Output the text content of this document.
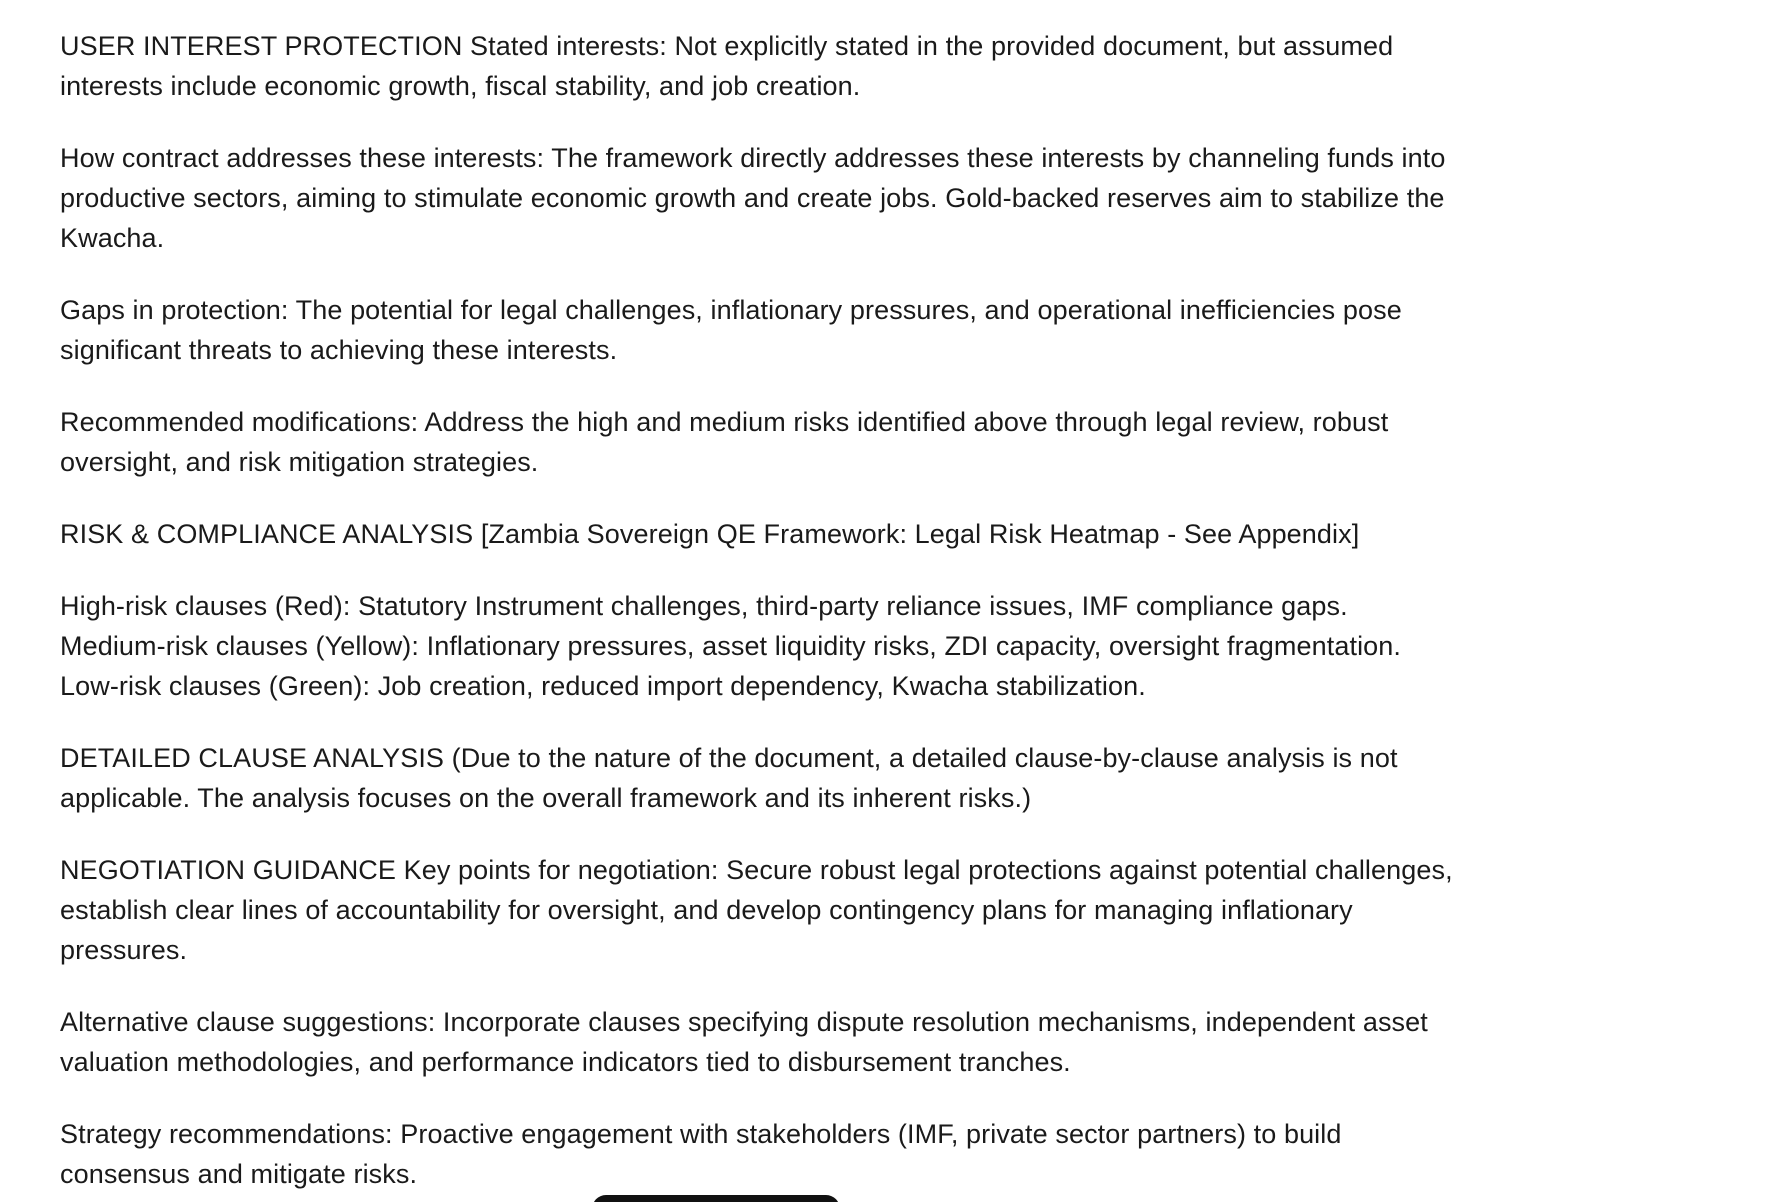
USER INTEREST PROTECTION Stated interests: Not explicitly stated in the provided document, but assumed interests include economic growth, fiscal stability, and job creation.

How contract addresses these interests: The framework directly addresses these interests by channeling funds into productive sectors, aiming to stimulate economic growth and create jobs. Gold-backed reserves aim to stabilize the Kwacha.

Gaps in protection: The potential for legal challenges, inflationary pressures, and operational inefficiencies pose significant threats to achieving these interests.

Recommended modifications: Address the high and medium risks identified above through legal review, robust oversight, and risk mitigation strategies.

RISK & COMPLIANCE ANALYSIS [Zambia Sovereign QE Framework: Legal Risk Heatmap - See Appendix]

High-risk clauses (Red): Statutory Instrument challenges, third-party reliance issues, IMF compliance gaps. Medium-risk clauses (Yellow): Inflationary pressures, asset liquidity risks, ZDI capacity, oversight fragmentation. Low-risk clauses (Green): Job creation, reduced import dependency, Kwacha stabilization.

DETAILED CLAUSE ANALYSIS (Due to the nature of the document, a detailed clause-by-clause analysis is not applicable. The analysis focuses on the overall framework and its inherent risks.)

NEGOTIATION GUIDANCE Key points for negotiation: Secure robust legal protections against potential challenges, establish clear lines of accountability for oversight, and develop contingency plans for managing inflationary pressures.

Alternative clause suggestions: Incorporate clauses specifying dispute resolution mechanisms, independent asset valuation methodologies, and performance indicators tied to disbursement tranches.

Strategy recommendations: Proactive engagement with stakeholders (IMF, private sector partners) to build consensus and mitigate risks.
